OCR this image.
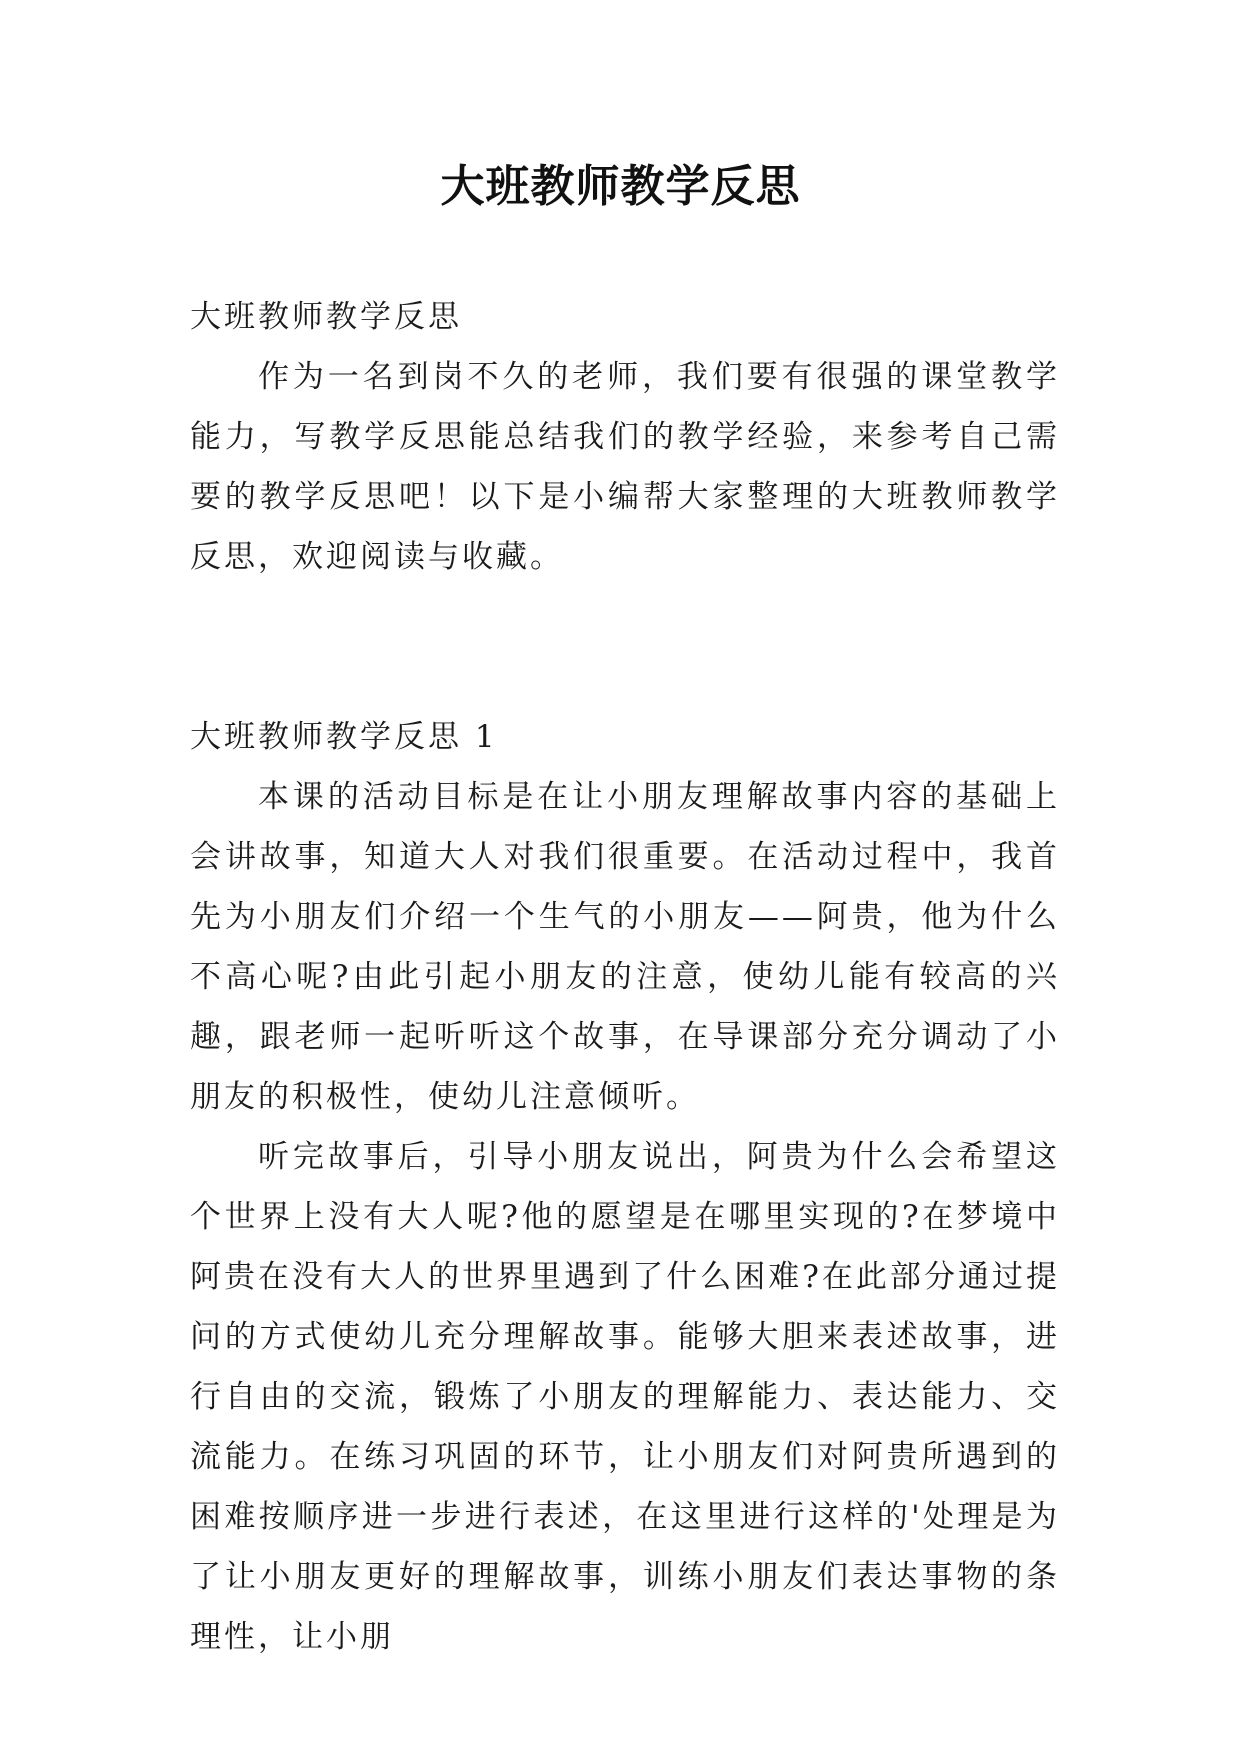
大班教师教学反思

大班教师教学反思

作为一名到岗不久的老师，我们要有很强的课堂教学能力，写教学反思能总结我们的教学经验，来参考自己需要的教学反思吧！以下是小编帮大家整理的大班教师教学反思，欢迎阅读与收藏。

大班教师教学反思 1

本课的活动目标是在让小朋友理解故事内容的基础上会讲故事，知道大人对我们很重要。在活动过程中，我首先为小朋友们介绍一个生气的小朋友——阿贵，他为什么不高心呢?由此引起小朋友的注意，使幼儿能有较高的兴趣，跟老师一起听听这个故事，在导课部分充分调动了小朋友的积极性，使幼儿注意倾听。

听完故事后，引导小朋友说出，阿贵为什么会希望这个世界上没有大人呢?他的愿望是在哪里实现的?在梦境中阿贵在没有大人的世界里遇到了什么困难?在此部分通过提问的方式使幼儿充分理解故事。能够大胆来表述故事，进行自由的交流，锻炼了小朋友的理解能力、表达能力、交流能力。在练习巩固的环节，让小朋友们对阿贵所遇到的困难按顺序进一步进行表述，在这里进行这样的'处理是为了让小朋友更好的理解故事，训练小朋友们表达事物的条理性，让小朋
